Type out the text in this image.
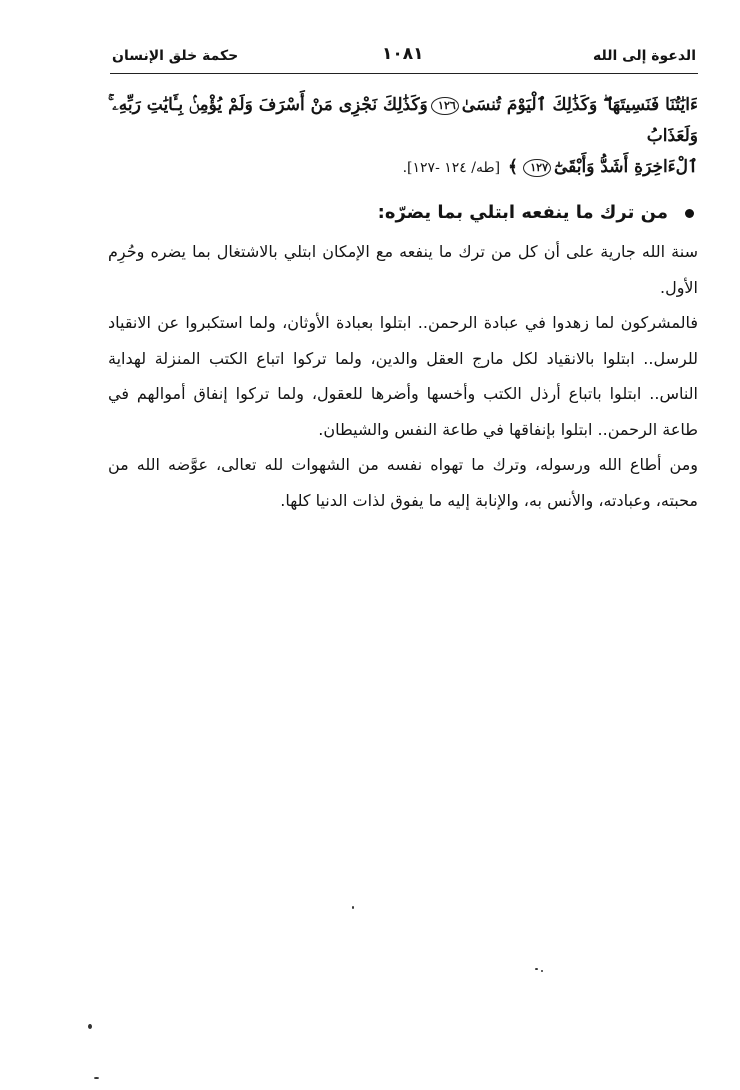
الدعوة إلى الله
١٠٨١
حكمة خلق الإنسان
ءَايَٰتُنَا فَنَسِيتَهَا ۖ وَكَذَٰلِكَ ٱلْيَوْمَ تُنسَىٰ١٢٦وَكَذَٰلِكَ نَجْزِى مَنْ أَسْرَفَ وَلَمْ يُؤْمِنۢ بِـَٔايَٰتِ رَبِّهِۦ ۚ وَلَعَذَابُ
ٱلْءَاخِرَةِ أَشَدُّ وَأَبْقَىٰٓ١٢٧﴾ [طه/ ١٢٤ -١٢٧].
من ترك ما ينفعه ابتلي بما يضرّه:
سنة الله جارية على أن كل من ترك ما ينفعه مع الإمكان ابتلي بالاشتغال بما يضره وحُرِم الأول.
فالمشركون لما زهدوا في عبادة الرحمن.. ابتلوا بعبادة الأوثان، ولما استكبروا عن الانقياد للرسل.. ابتلوا بالانقياد لكل مارج العقل والدين، ولما تركوا اتباع الكتب المنزلة لهداية الناس.. ابتلوا باتباع أرذل الكتب وأخسها وأضرها للعقول، ولما تركوا إنفاق أموالهم في طاعة الرحمن.. ابتلوا بإنفاقها في طاعة النفس والشيطان.
ومن أطاع الله ورسوله، وترك ما تهواه نفسه من الشهوات لله تعالى، عوَّضه الله من محبته، وعبادته، والأنس به، والإنابة إليه ما يفوق لذات الدنيا كلها.
